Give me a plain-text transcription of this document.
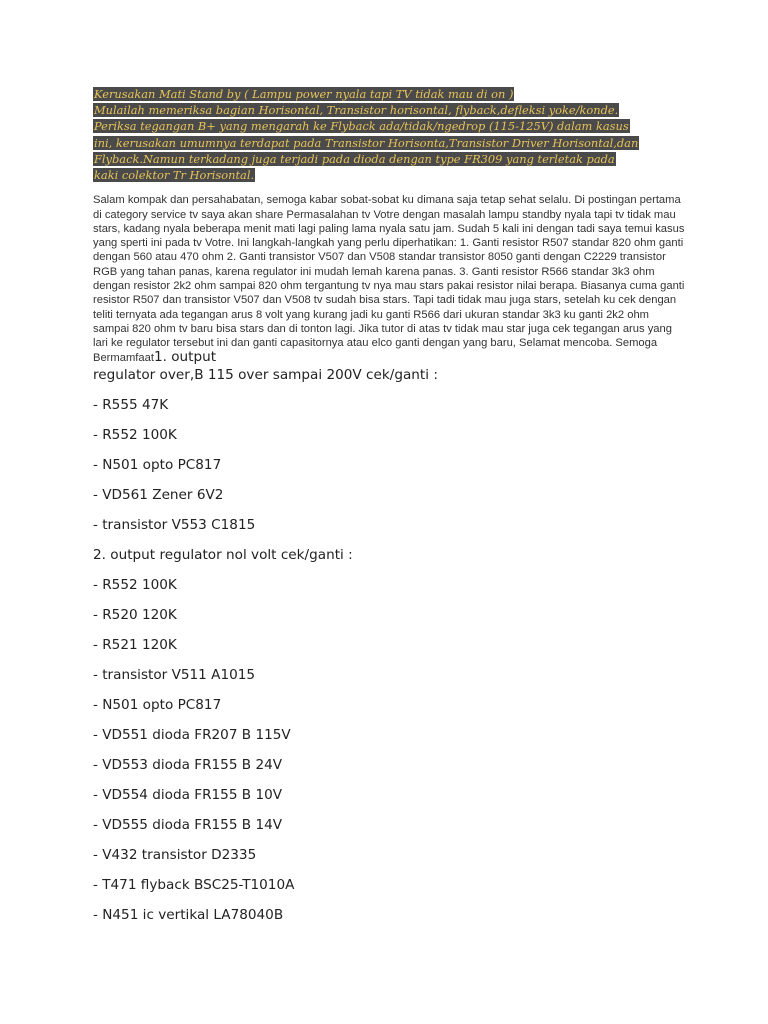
Kerusakan Mati Stand by ( Lampu power nyala tapi TV tidak mau di on )
Mulailah memeriksa bagian Horisontal, Transistor horisontal, flyback,defleksi yoke/konde.
Periksa tegangan B+ yang mengarah ke Flyback ada/tidak/ngedrop (115-125V) dalam kasus
ini, kerusakan umumnya terdapat pada Transistor Horisonta,Transistor Driver Horisontal,dan
Flyback.Namun terkadang juga terjadi pada dioda dengan type FR309 yang terletak pada
kaki colektor Tr Horisontal.

Salam kompak dan persahabatan, semoga kabar sobat-sobat ku dimana saja tetap sehat selalu. Di postingan pertama di category service tv saya akan share Permasalahan tv Votre dengan masalah lampu standby nyala tapi tv tidak mau stars, kadang nyala beberapa menit mati lagi paling lama nyala satu jam. Sudah 5 kali ini dengan tadi saya temui kasus yang sperti ini pada tv Votre. Ini langkah-langkah yang perlu diperhatikan: 1. Ganti resistor R507 standar 820 ohm ganti dengan 560 atau 470 ohm 2. Ganti transistor V507 dan V508 standar transistor 8050 ganti dengan C2229 transistor RGB yang tahan panas, karena regulator ini mudah lemah karena panas. 3. Ganti resistor R566 standar 3k3 ohm dengan resistor 2k2 ohm sampai 820 ohm tergantung tv nya mau stars pakai resistor nilai berapa. Biasanya cuma ganti resistor R507 dan transistor V507 dan V508 tv sudah bisa stars. Tapi tadi tidak mau juga stars, setelah ku cek dengan teliti ternyata ada tegangan arus 8 volt yang kurang jadi ku ganti R566 dari ukuran standar 3k3 ku ganti 2k2 ohm sampai 820 ohm tv baru bisa stars dan di tonton lagi. Jika tutor di atas tv tidak mau star juga cek tegangan arus yang lari ke regulator tersebut ini dan ganti capasitornya atau elco ganti dengan yang baru, Selamat mencoba. Semoga Bermamfaat1. output

regulator over,B 115 over sampai 200V cek/ganti :

- R555 47K
- R552 100K
- N501 opto PC817
- VD561 Zener 6V2
- transistor V553 C1815
2. output regulator nol volt cek/ganti :
- R552 100K
- R520 120K
- R521 120K
- transistor V511 A1015
- N501 opto PC817
- VD551 dioda FR207 B 115V
- VD553 dioda FR155 B 24V
- VD554 dioda FR155 B 10V
- VD555 dioda FR155 B 14V
- V432 transistor D2335
- T471 flyback BSC25-T1010A
- N451 ic vertikal LA78040B
